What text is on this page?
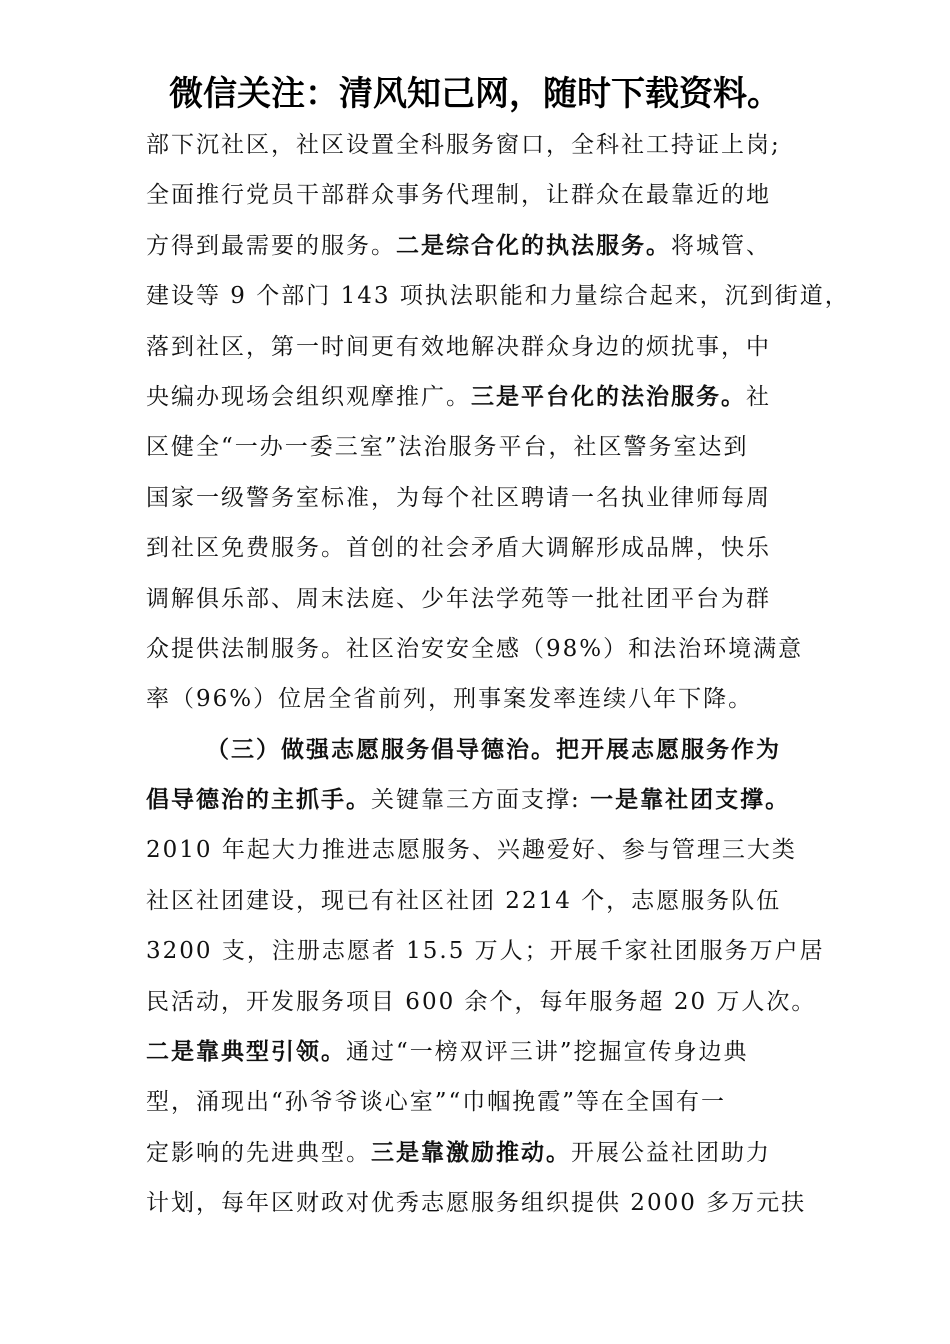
微信关注：清风知己网，随时下载资料。
部下沉社区，社区设置全科服务窗口，全科社工持证上岗;
全面推行党员干部群众事务代理制，让群众在最靠近的地
方得到最需要的服务。二是综合化的执法服务。将城管、
建设等 9 个部门 143 项执法职能和力量综合起来，沉到街道，
落到社区，第一时间更有效地解决群众身边的烦扰事，中
央编办现场会组织观摩推广。三是平台化的法治服务。社
区健全“一办一委三室”法治服务平台，社区警务室达到
国家一级警务室标准，为每个社区聘请一名执业律师每周
到社区免费服务。首创的社会矛盾大调解形成品牌，快乐
调解俱乐部、周末法庭、少年法学苑等一批社团平台为群
众提供法制服务。社区治安安全感（98%）和法治环境满意
率（96%）位居全省前列，刑事案发率连续八年下降。
（三）做强志愿服务倡导德治。把开展志愿服务作为
倡导德治的主抓手。关键靠三方面支撑: 一是靠社团支撑。
2010 年起大力推进志愿服务、兴趣爱好、参与管理三大类
社区社团建设，现已有社区社团 2214 个，志愿服务队伍
3200 支，注册志愿者 15.5 万人；开展千家社团服务万户居
民活动，开发服务项目 600 余个，每年服务超 20 万人次。
二是靠典型引领。通过“一榜双评三讲”挖掘宣传身边典
型，涌现出“孙爷爷谈心室”“巾帼挽霞”等在全国有一
定影响的先进典型。三是靠激励推动。开展公益社团助力
计划，每年区财政对优秀志愿服务组织提供 2000 多万元扶
